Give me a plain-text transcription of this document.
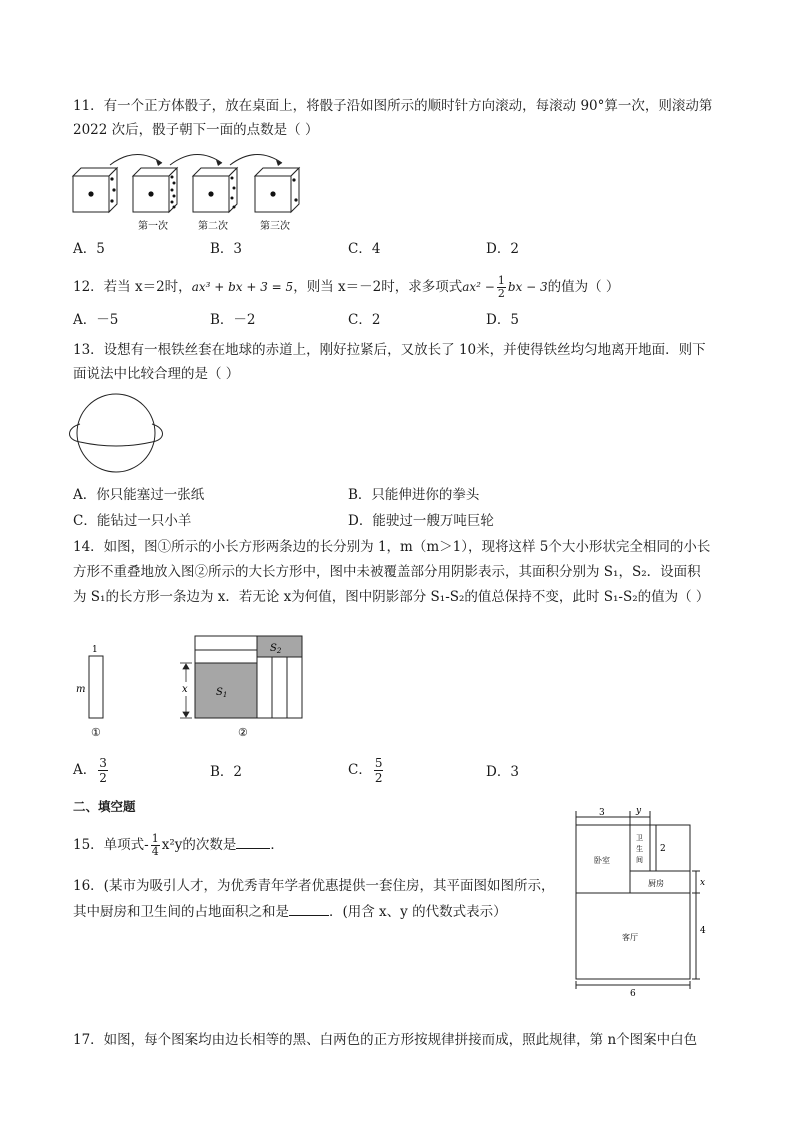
11．有一个正方体骰子，放在桌面上，将骰子沿如图所示的顺时针方向滚动，每滚动 90°算一次，则滚动第
2022 次后，骰子朝下一面的点数是（ ）
第一次	第二次	第三次
A．5	B．3	C．4	D．2
12．若当 x＝2时，ax³ + bx + 3 = 5，则当 x＝－2时，求多项式$ax^2 - \frac{1}{2}$ bx − 3的值为（ ）
A．－5	B．－2	C．2	D．5
13．设想有一根铁丝套在地球的赤道上，刚好拉紧后，又放长了 10米，并使得铁丝均匀地离开地面．则下
面说法中比较合理的是（ ）
A．你只能塞过一张纸	B．只能伸进你的拳头
C．能钻过一只小羊	D．能驶过一艘万吨巨轮
14．如图，图①所示的小长方形两条边的长分别为 1，m（m＞1），现将这样 5个大小形状完全相同的小长
方形不重叠地放入图②所示的大长方形中，图中未被覆盖部分用阴影表示，其面积分别为 S₁，S₂．设面积
为 S₁的长方形一条边为 x．若无论 x为何值，图中阴影部分 S₁-S₂的值总保持不变，此时 S₁-S₂的值为（ ）
1
m
①
$S_2$
$S_1$
x
②
A． $\frac{3}{2}$	B．2	C． $\frac{5}{2}$	D．3
二、填空题
15．单项式- $\frac{1}{4} x^2y$的次数是	．
16．(某市为吸引人才，为优秀青年学者优惠提供一套住房，其平面图如图所示，
其中厨房和卫生间的占地面积之和是	．(用含 x、y 的代数式表示）
3	y
2
x
4
6
卧室
卫
生
间
厨房
客厅
17．如图，每个图案均由边长相等的黑、白两色的正方形按规律拼接而成，照此规律，第 n个图案中白色
